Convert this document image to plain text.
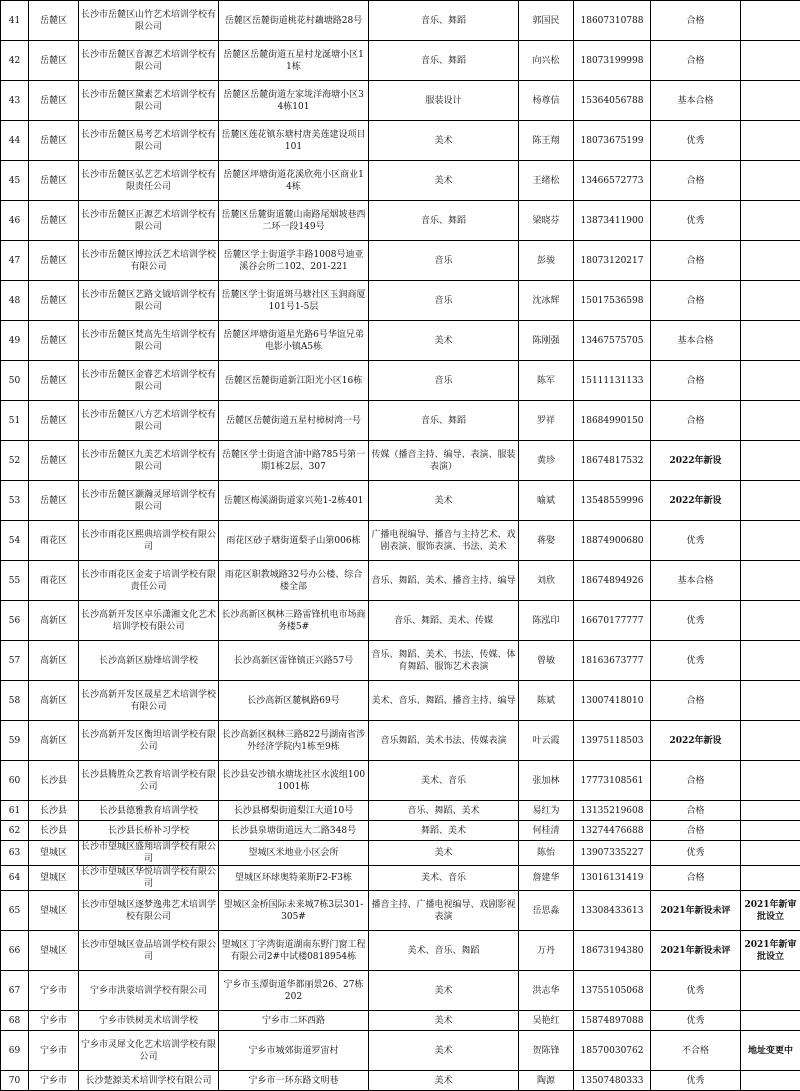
41	岳麓区	长沙市岳麓区山竹艺术培训学校有限公司	岳麓区岳麓街道桃花村藕塘路28号	音乐、舞蹈	郭国民	18607310788	合格	
42	岳麓区	长沙市岳麓区音源艺术培训学校有限公司	岳麓区岳麓街道五星村龙涎塘小区11栋	音乐、舞蹈	向兴松	18073199998	合格	
43	岳麓区	长沙市岳麓区黛素艺术培训学校有限公司	岳麓区岳麓街道左家垅洋海塘小区34栋101	服装设计	杨尊信	15364056788	基本合格	
44	岳麓区	长沙市岳麓区易考艺术培训学校有限公司	岳麓区莲花镇东塘村唐美莲建设项目101	美术	陈王翔	18073675199	优秀	
45	岳麓区	长沙市岳麓区弘艺艺术培训学校有限责任公司	岳麓区坪塘街道花溪欣苑小区商业14栋	美术	王绪松	13466572773	合格	
46	岳麓区	长沙市岳麓区正源艺术培训学校有限公司	岳麓区岳麓街道麓山南路尾烟坡巷西二环一段149号	音乐、舞蹈	梁晓芬	13873411900	优秀	
47	岳麓区	长沙市岳麓区博拉沃艺术培训学校有限公司	岳麓区学士街道学丰路1008号迪亚溪谷会所二102、201-221	音乐	彭骏	18073120217	合格	
48	岳麓区	长沙市岳麓区艺路文钺培训学校有限公司	岳麓区学士街道斑马塘社区玉润商厦101号1-5层	音乐	沈冰辉	15017536598	合格	
49	岳麓区	长沙市岳麓区梵高先生培训学校有限公司	岳麓区坪塘街道星光路6号华谊兄弟电影小镇A5栋	美术	陈刚强	13467575705	基本合格	
50	岳麓区	长沙市岳麓区金睿艺术培训学校有限公司	岳麓区岳麓街道新江阳光小区16栋	音乐	陈军	15111131133	合格	
51	岳麓区	长沙市岳麓区八方艺术培训学校有限公司	岳麓区岳麓街道五星村樟树湾一号	音乐、舞蹈	罗祥	18684990150	合格	
52	岳麓区	长沙市岳麓区九美艺术培训学校有限公司	岳麓区学士街道含浦中路785号第一期1栋2层、307	传媒（播音主持、编导、表演、服装表演）	黄珍	18674817532	2022年新设	
53	岳麓区	长沙市岳麓区灏瀚灵犀培训学校有限公司	岳麓区梅溪湖街道家兴苑1-2栋401	美术	喻斌	13548559996	2022年新设	
54	雨花区	长沙市雨花区熙典培训学校有限公司	雨花区砂子塘街道梨子山第006栋	广播电视编导、播音与主持艺术、戏剧表演、服饰表演、书法、美术	蒋娶	18874900680	优秀	
55	雨花区	长沙市雨花区金麦子培训学校有限责任公司	雨花区职教城路32号办公楼、综合楼全部	音乐、舞蹈、美术、播音主持、编导	刘欣	18674894926	基本合格	
56	高新区	长沙高新开发区卓乐潇湘文化艺术培训学校有限公司	长沙高新区枫林三路雷锋机电市场商务楼5#	音乐、舞蹈、美术、传媒	陈泓印	16670177777	优秀	
57	高新区	长沙高新区励烽培训学校	长沙高新区雷锋镇正兴路57号	音乐、舞蹈、美术、书法、传媒、体育舞蹈、服饰艺术表演	曾敏	18163673777	优秀	
58	高新区	长沙高新开发区晟星艺术培训学校有限公司	长沙高新区麓枫路69号	美术、音乐、舞蹈、播音主持、编导	陈斌	13007418010	合格	
59	高新区	长沙高新开发区衡坦培训学校有限公司	长沙高新区枫林三路822号湖南省涉外经济学院内1栋至9栋	音乐舞蹈、美术书法、传媒表演	叶云霞	13975118503	2022年新设	
60	长沙县	长沙县腾胜众艺教育培训学校有限公司	长沙县安沙镇水塘垅社区水波组1001001栋	美术、音乐	张加林	17773108561	合格	
61	长沙县	长沙县德雅教育培训学校	长沙县榔梨街道梨江大道10号	音乐、舞蹈、美术	易红为	13135219608	合格	
62	长沙县	长沙县长桥补习学校	长沙县泉塘街道远大二路348号	舞蹈、美术	何桂清	13274476688	合格	
63	望城区	长沙市望城区盛翔培训学校有限公司	望城区米地业小区会所	美术	陈怡	13907335227	优秀	
64	望城区	长沙市望城区华悦培训学校有限公司	望城区环球奥特莱斯F2-F3栋	美术、音乐	詹建华	13016131419	合格	
65	望城区	长沙市望城区逐梦逸弗艺术培训学校有限公司	望城区金桥国际未来城7栋3层301-305#	播音主持、广播电视编导、戏剧影视表演	岳思淼	13308433613	2021年新设未评	2021年新审批设立
66	望城区	长沙市望城区壹品培训学校有限公司	望城区丁字湾街道湖南东野门窗工程有限公司2#中试楼0818954栋	美术、音乐、舞蹈	万丹	18673194380	2021年新设未评	2021年新审批设立
67	宁乡市	宁乡市洪蒙培训学校有限公司	宁乡市玉潭街道华都丽景26、27栋202	美术	洪志华	13755105068	优秀	
68	宁乡市	宁乡市铁树美术培训学校	宁乡市二环西路	美术	吴艳红	15874897088	优秀	
69	宁乡市	宁乡市灵犀文化艺术培训学校有限公司	宁乡市城郊街道罗宙村	美术	贺陈锋	18570030762	不合格	地址变更中
70	宁乡市	长沙楚源美术培训学校有限公司	宁乡市一环东路文明巷	美术	陶源	13507480333	优秀	
